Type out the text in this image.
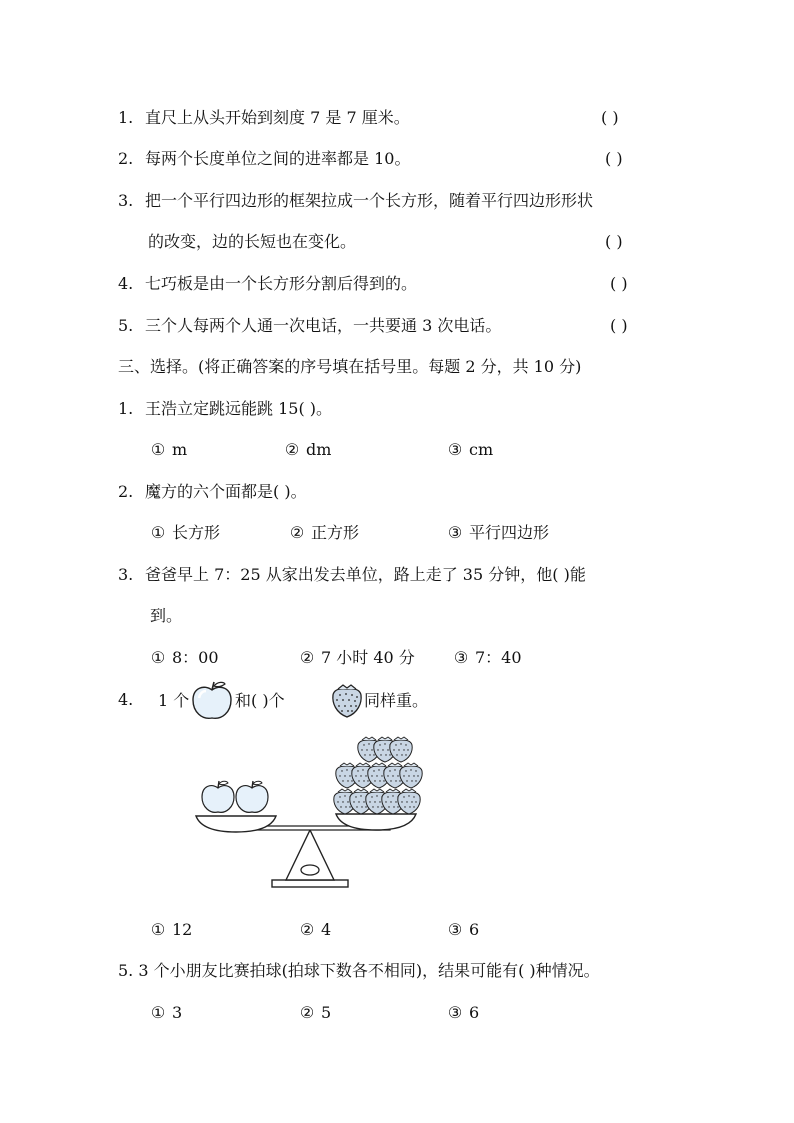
1. 直尺上从头开始到刻度 7 是 7 厘米。	( )
2. 每两个长度单位之间的进率都是 10。	( )
3. 把一个平行四边形的框架拉成一个长方形，随着平行四边形形状
的改变，边的长短也在变化。	( )
4. 七巧板是由一个长方形分割后得到的。	( )
5. 三个人每两个人通一次电话，一共要通 3 次电话。	( )
三、选择。(将正确答案的序号填在括号里。每题 2 分，共 10 分)
1. 王浩立定跳远能跳 15( )。
① m	② dm	③ cm
2. 魔方的六个面都是( )。
① 长方形	② 正方形	③ 平行四边形
3. 爸爸早上 7：25 从家出发去单位，路上走了 35 分钟，他( )能
到。
① 8：00	② 7 小时 40 分 ③ 7：40
4. 1 个	和( )个	同样重。
① 12	② 4	③ 6
5. 3 个小朋友比赛拍球(拍球下数各不相同)，结果可能有( )种情况。
① 3	② 5	③ 6
